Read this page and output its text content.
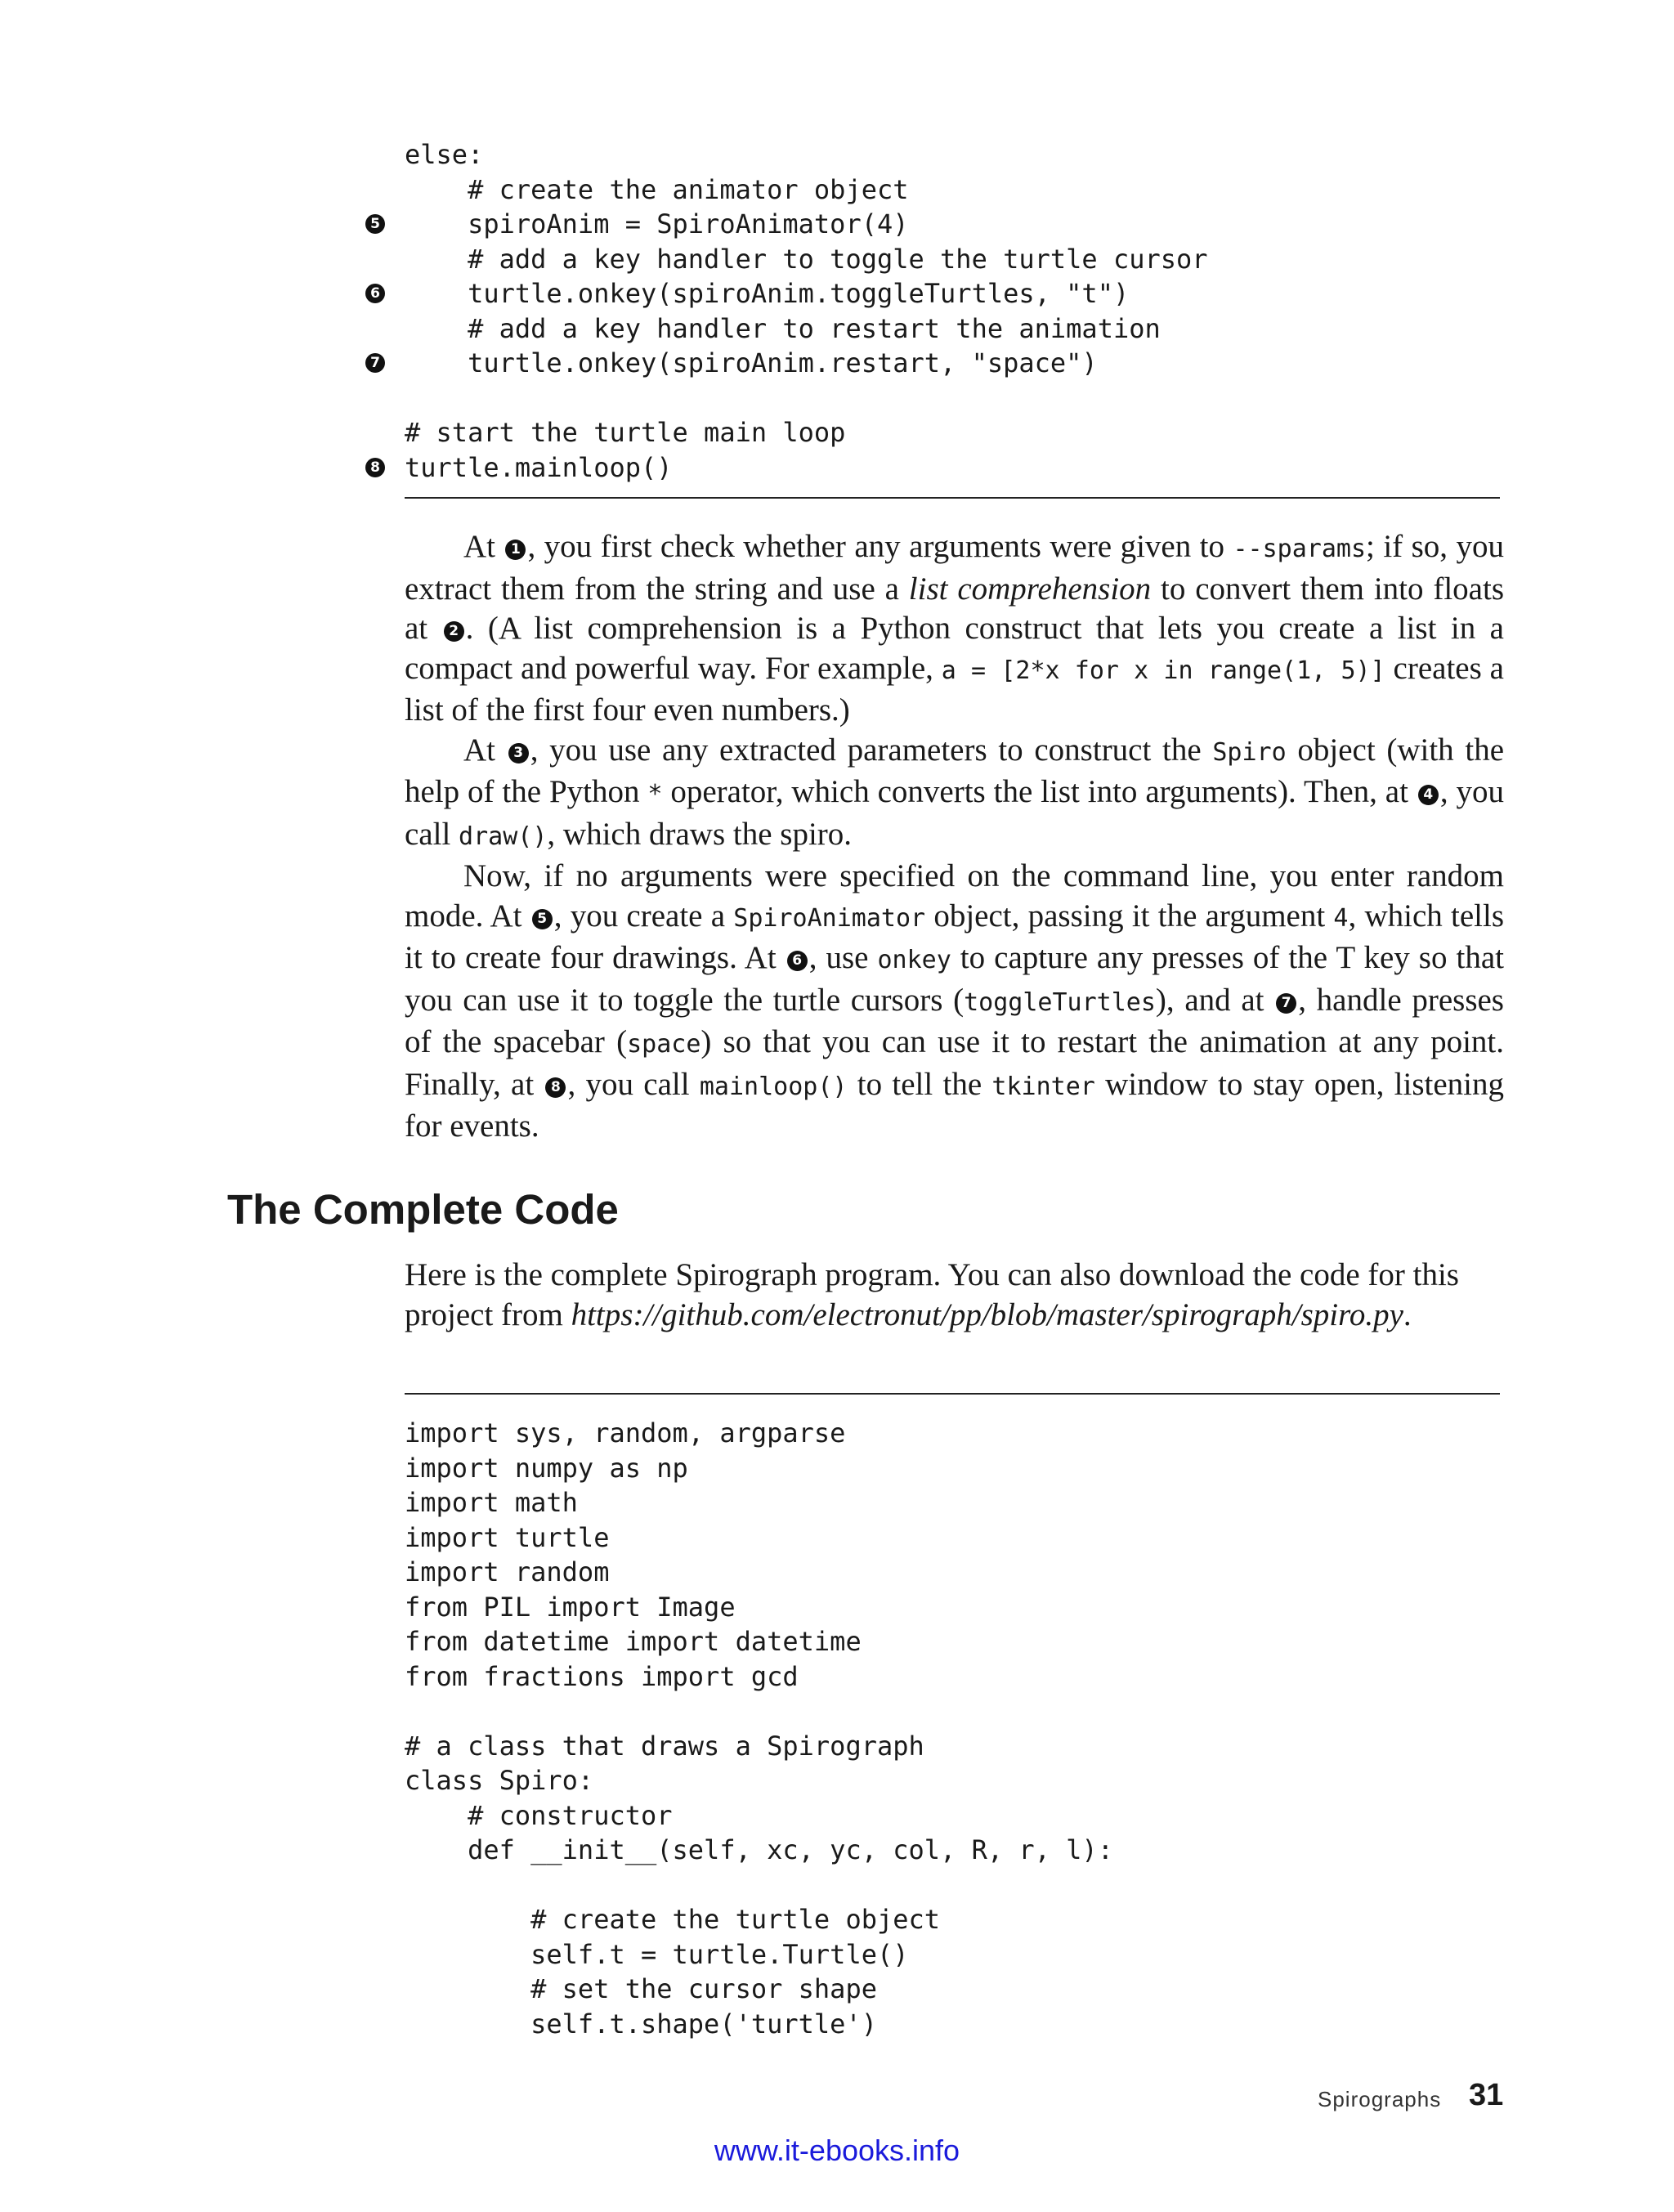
else:
# create the animator object
5 spiroAnim = SpiroAnimator(4)
# add a key handler to toggle the turtle cursor
6 turtle.onkey(spiroAnim.toggleTurtles, "t")
# add a key handler to restart the animation
7 turtle.onkey(spiroAnim.restart, "space")
# start the turtle main loop
8 turtle.mainloop()

At 1 , you first check whether any arguments were given to --sparams; if so, you extract them from the string and use a list comprehension to convert them into floats at 2 . (A list comprehension is a Python construct that lets you create a list in a compact and powerful way. For example, a = [2*x for x in range(1, 5)] creates a list of the first four even numbers.)

At 3 , you use any extracted parameters to construct the Spiro object (with the help of the Python * operator, which converts the list into arguments). Then, at 4 , you call draw(), which draws the spiro.

Now, if no arguments were specified on the command line, you enter random mode. At 5 , you create a SpiroAnimator object, passing it the argument 4, which tells it to create four drawings. At 6 , use onkey to capture any presses of the T key so that you can use it to toggle the turtle cursors (toggleTurtles), and at 7 , handle presses of the spacebar (space) so that you can use it to restart the animation at any point. Finally, at 8 , you call mainloop() to tell the tkinter window to stay open, listening for events.

The Complete Code

Here is the complete Spirograph program. You can also download the code for this project from https://github.com/electronut/pp/blob/master/spirograph/spiro.py.

import sys, random, argparse
import numpy as np
import math
import turtle
import random
from PIL import Image
from datetime import datetime
from fractions import gcd
# a class that draws a Spirograph
class Spiro:
# constructor
def __init__(self, xc, yc, col, R, r, l):
# create the turtle object
self.t = turtle.Turtle()
# set the cursor shape
self.t.shape('turtle')
Spirographs 31
www.it-ebooks.info
